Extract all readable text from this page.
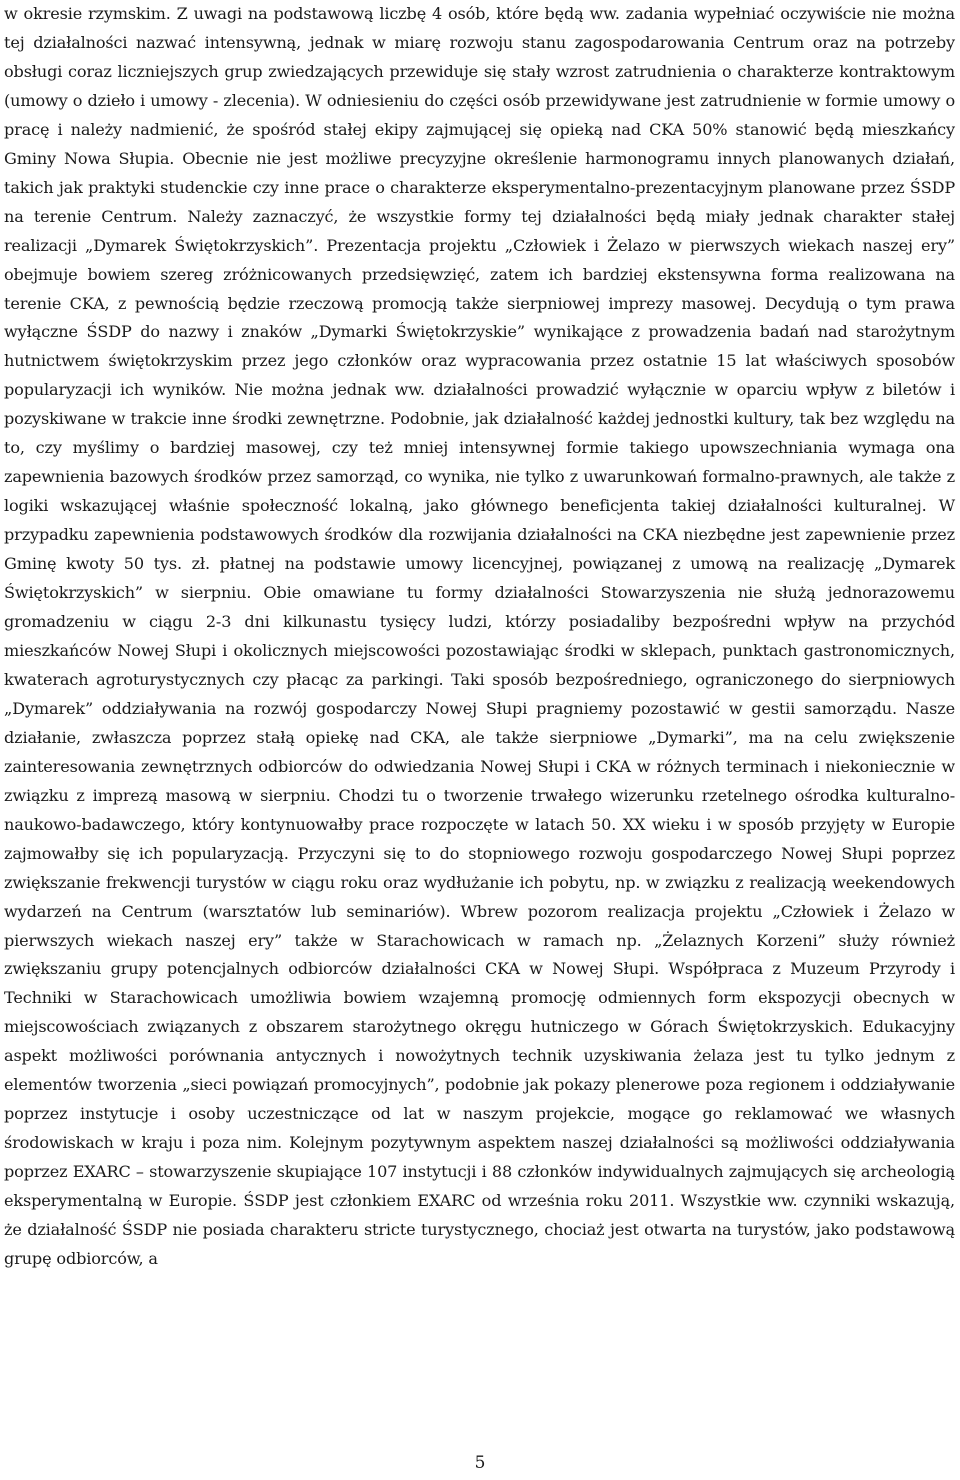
w okresie rzymskim. Z uwagi na podstawową liczbę 4 osób, które będą ww. zadania wypełniać oczywiście nie można tej działalności nazwać intensywną, jednak w miarę rozwoju stanu zagospodarowania Centrum oraz na potrzeby obsługi coraz liczniejszych grup zwiedzających przewiduje się stały wzrost zatrudnienia o charakterze kontraktowym (umowy o dzieło i umowy - zlecenia). W odniesieniu do części osób przewidywane jest zatrudnienie w formie umowy o pracę i należy nadmienić, że spośród stałej ekipy zajmującej się opieką nad CKA 50% stanowić będą mieszkańcy Gminy Nowa Słupia. Obecnie nie jest możliwe precyzyjne określenie harmonogramu innych planowanych działań, takich jak praktyki studenckie czy inne prace o charakterze eksperymentalno-prezentacyjnym planowane przez ŚSDP na terenie Centrum. Należy zaznaczyć, że wszystkie formy tej działalności będą miały jednak charakter stałej realizacji „Dymarek Świętokrzyskich”. Prezentacja projektu „Człowiek i Żelazo w pierwszych wiekach naszej ery” obejmuje bowiem szereg zróżnicowanych przedsięwzięć, zatem ich bardziej ekstensywna forma realizowana na terenie CKA, z pewnością będzie rzeczową promocją także sierpniowej imprezy masowej. Decydują o tym prawa wyłączne ŚSDP do nazwy i znaków „Dymarki Świętokrzyskie” wynikające z prowadzenia badań nad starożytnym hutnictwem świętokrzyskim przez jego członków oraz wypracowania przez ostatnie 15 lat właściwych sposobów popularyzacji ich wyników. Nie można jednak ww. działalności prowadzić wyłącznie w oparciu wpływ z biletów i pozyskiwane w trakcie inne środki zewnętrzne. Podobnie, jak działalność każdej jednostki kultury, tak bez względu na to, czy myślimy o bardziej masowej, czy też mniej intensywnej formie takiego upowszechniania wymaga ona zapewnienia bazowych środków przez samorząd, co wynika, nie tylko z uwarunkowań formalno-prawnych, ale także z logiki wskazującej właśnie społeczność lokalną, jako głównego beneficjenta takiej działalności kulturalnej. W przypadku zapewnienia podstawowych środków dla rozwijania działalności na CKA niezbędne jest zapewnienie przez Gminę kwoty 50 tys. zł. płatnej na podstawie umowy licencyjnej, powiązanej z umową na realizację „Dymarek Świętokrzyskich” w sierpniu. Obie omawiane tu formy działalności Stowarzyszenia nie służą jednorazowemu gromadzeniu w ciągu 2-3 dni kilkunastu tysięcy ludzi, którzy posiadaliby bezpośredni wpływ na przychód mieszkańców Nowej Słupi i okolicznych miejscowości pozostawiając środki w sklepach, punktach gastronomicznych, kwaterach agroturystycznych czy płacąc za parkingi. Taki sposób bezpośredniego, ograniczonego do sierpniowych „Dymarek” oddziaływania na rozwój gospodarczy Nowej Słupi pragniemy pozostawić w gestii samorządu. Nasze działanie, zwłaszcza poprzez stałą opiekę nad CKA, ale także sierpniowe „Dymarki”, ma na celu zwiększenie zainteresowania zewnętrznych odbiorców do odwiedzania Nowej Słupi i CKA w różnych terminach i niekoniecznie w związku z imprezą masową w sierpniu. Chodzi tu o tworzenie trwałego wizerunku rzetelnego ośrodka kulturalno-naukowo-badawczego, który kontynuowałby prace rozpoczęte w latach 50. XX wieku i w sposób przyjęty w Europie zajmowałby się ich popularyzacją. Przyczyni się to do stopniowego rozwoju gospodarczego Nowej Słupi poprzez zwiększanie frekwencji turystów w ciągu roku oraz wydłużanie ich pobytu, np. w związku z realizacją weekendowych wydarzeń na Centrum (warsztatów lub seminariów). Wbrew pozorom realizacja projektu „Człowiek i Żelazo w pierwszych wiekach naszej ery” także w Starachowicach w ramach np. „Żelaznych Korzeni” służy również zwiększaniu grupy potencjalnych odbiorców działalności CKA w Nowej Słupi. Współpraca z Muzeum Przyrody i Techniki w Starachowicach umożliwia bowiem wzajemną promocję odmiennych form ekspozycji obecnych w miejscowościach związanych z obszarem starożytnego okręgu hutniczego w Górach Świętokrzyskich. Edukacyjny aspekt możliwości porównania antycznych i nowożytnych technik uzyskiwania żelaza jest tu tylko jednym z elementów tworzenia „sieci powiązań promocyjnych”, podobnie jak pokazy plenerowe poza regionem i oddziaływanie poprzez instytucje i osoby uczestniczące od lat w naszym projekcie, mogące go reklamować we własnych środowiskach w kraju i poza nim. Kolejnym pozytywnym aspektem naszej działalności są możliwości oddziaływania poprzez EXARC – stowarzyszenie skupiające 107 instytucji i 88 członków indywidualnych zajmujących się archeologią eksperymentalną w Europie. ŚSDP jest członkiem EXARC od września roku 2011. Wszystkie ww. czynniki wskazują, że działalność ŚSDP nie posiada charakteru stricte turystycznego, chociaż jest otwarta na turystów, jako podstawową grupę odbiorców, a

5
